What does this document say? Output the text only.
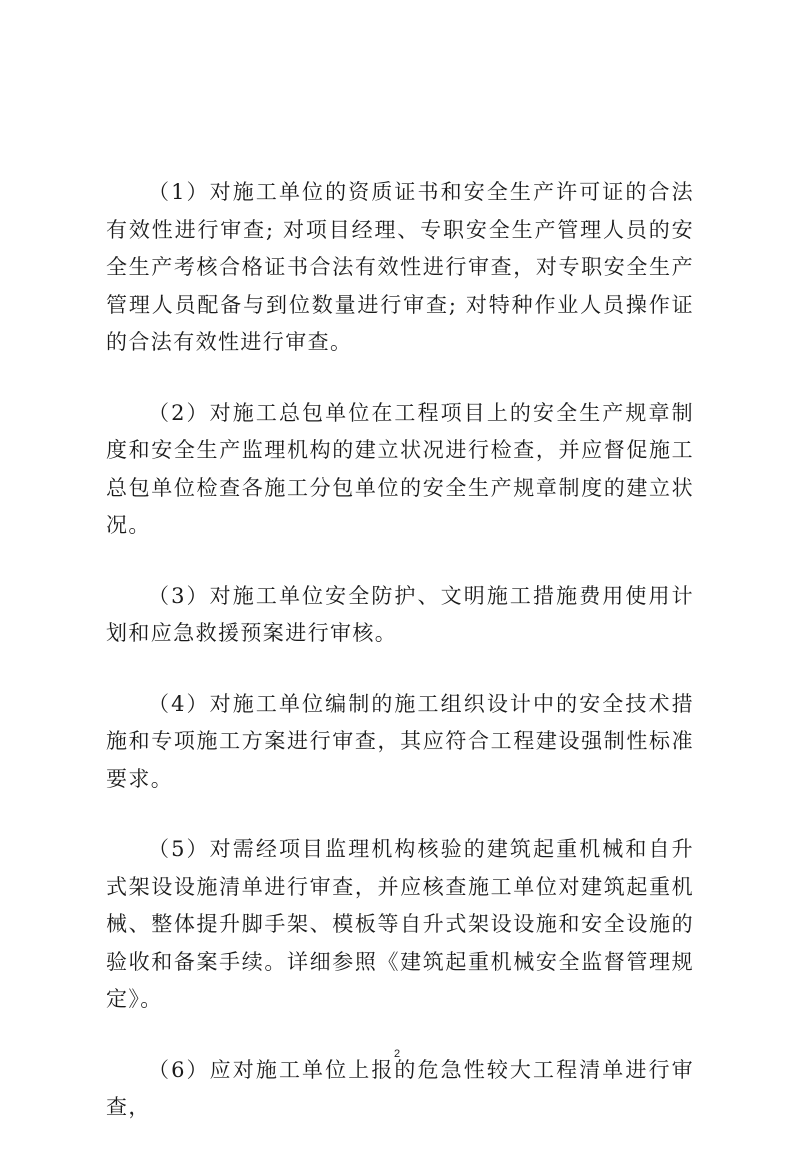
（1）对施工单位的资质证书和安全生产许可证的合法有效性进行审查; 对项目经理、专职安全生产管理人员的安全生产考核合格证书合法有效性进行审查，对专职安全生产管理人员配备与到位数量进行审查; 对特种作业人员操作证的合法有效性进行审查。

（2）对施工总包单位在工程项目上的安全生产规章制度和安全生产监理机构的建立状况进行检查，并应督促施工总包单位检查各施工分包单位的安全生产规章制度的建立状况。

（3）对施工单位安全防护、文明施工措施费用使用计划和应急救援预案进行审核。

（4）对施工单位编制的施工组织设计中的安全技术措施和专项施工方案进行审查，其应符合工程建设强制性标准要求。

（5）对需经项目监理机构核验的建筑起重机械和自升式架设设施清单进行审查，并应核查施工单位对建筑起重机械、整体提升脚手架、模板等自升式架设设施和安全设施的验收和备案手续。详细参照《建筑起重机械安全监督管理规定》。

（6）应对施工单位上报的危急性较大工程清单进行审查，

2
